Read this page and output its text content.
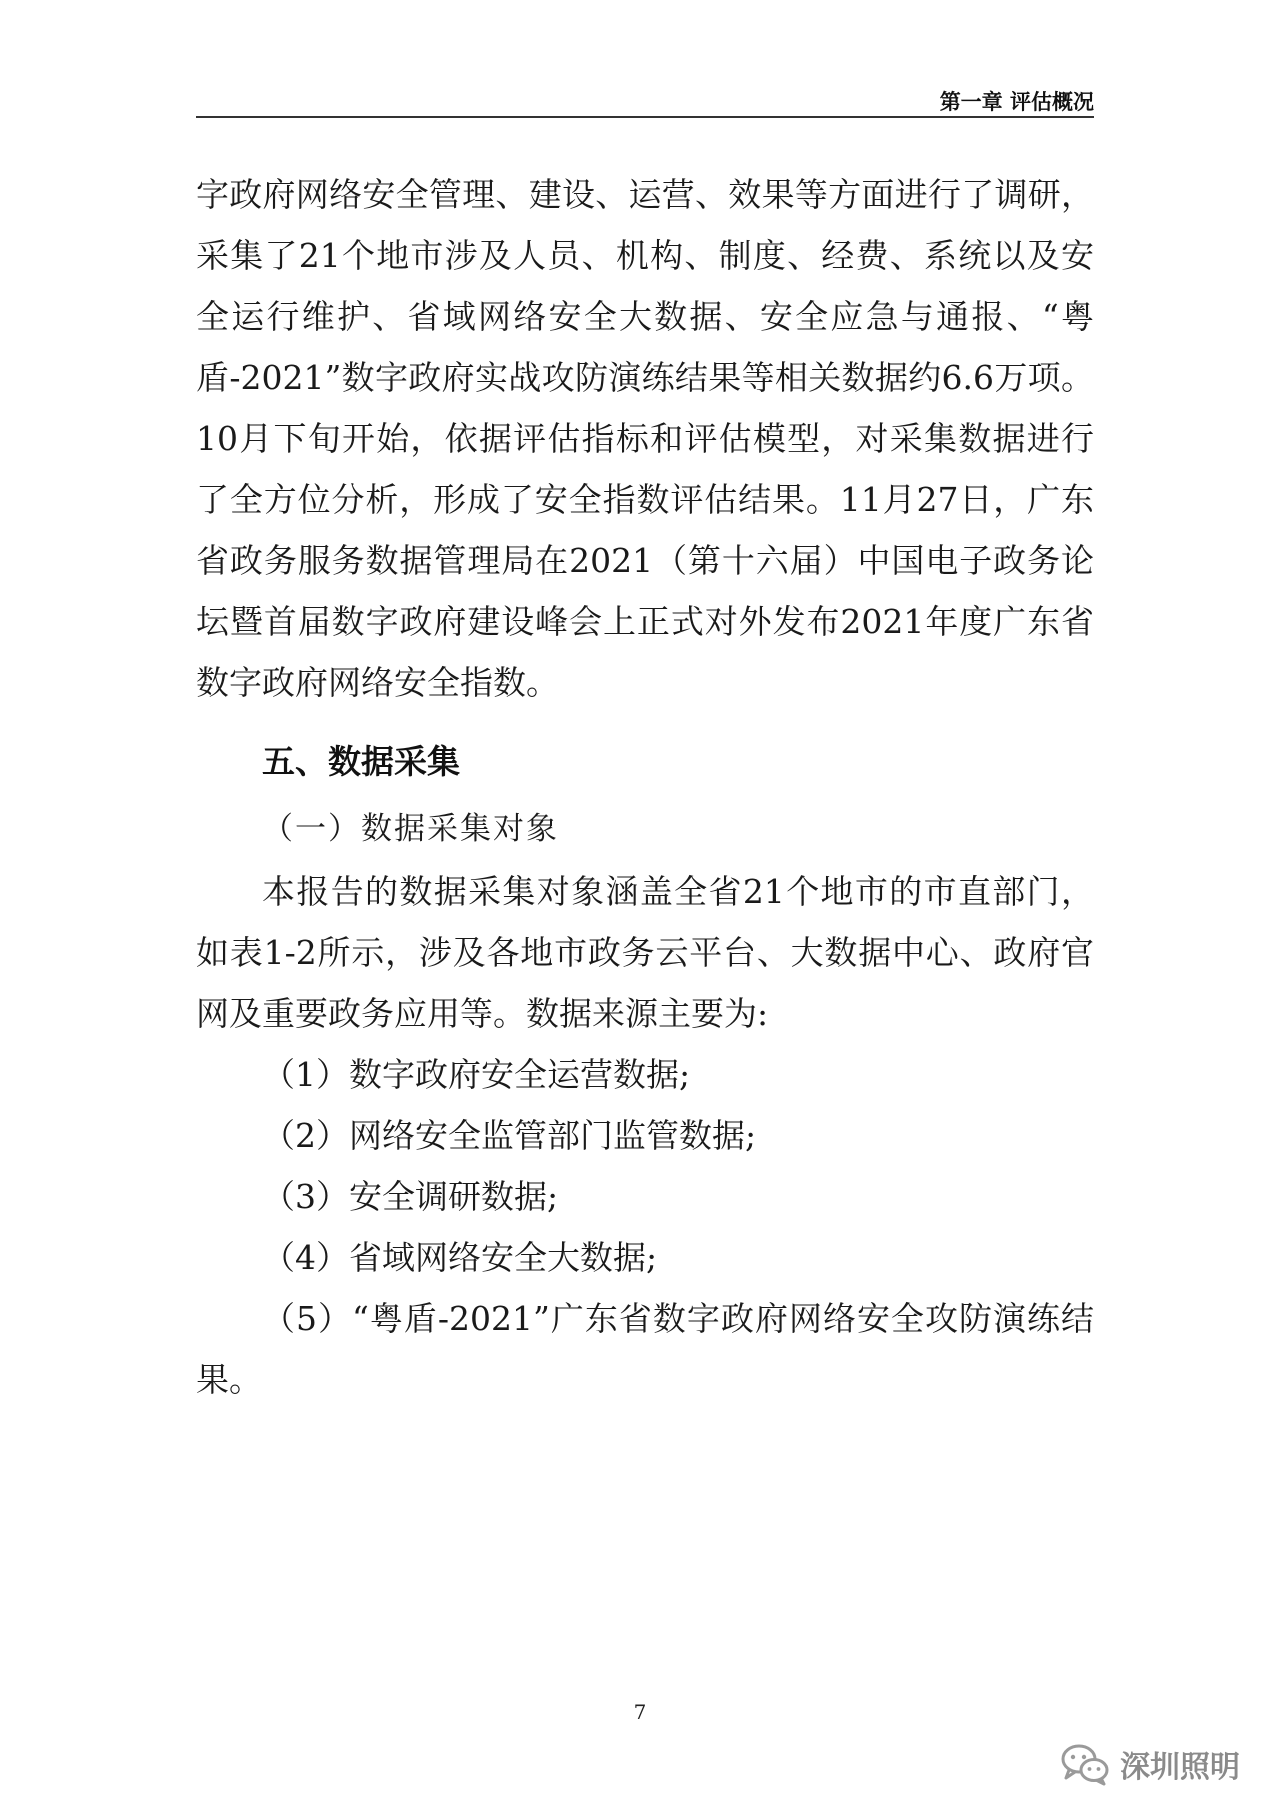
第一章 评估概况

字政府网络安全管理、建设、运营、效果等方面进行了调研，采集了21个地市涉及人员、机构、制度、经费、系统以及安全运行维护、省域网络安全大数据、安全应急与通报、“粤盾-2021”数字政府实战攻防演练结果等相关数据约6.6万项。10月下旬开始，依据评估指标和评估模型，对采集数据进行了全方位分析，形成了安全指数评估结果。11月27日，广东省政务服务数据管理局在2021（第十六届）中国电子政务论坛暨首届数字政府建设峰会上正式对外发布2021年度广东省数字政府网络安全指数。

五、数据采集
（一）数据采集对象

本报告的数据采集对象涵盖全省21个地市的市直部门，如表1-2所示，涉及各地市政务云平台、大数据中心、政府官网及重要政务应用等。数据来源主要为:

（1）数字政府安全运营数据;

（2）网络安全监管部门监管数据;

（3）安全调研数据;

（4）省域网络安全大数据;

（5）“粤盾-2021”广东省数字政府网络安全攻防演练结果。

7
深圳照明
